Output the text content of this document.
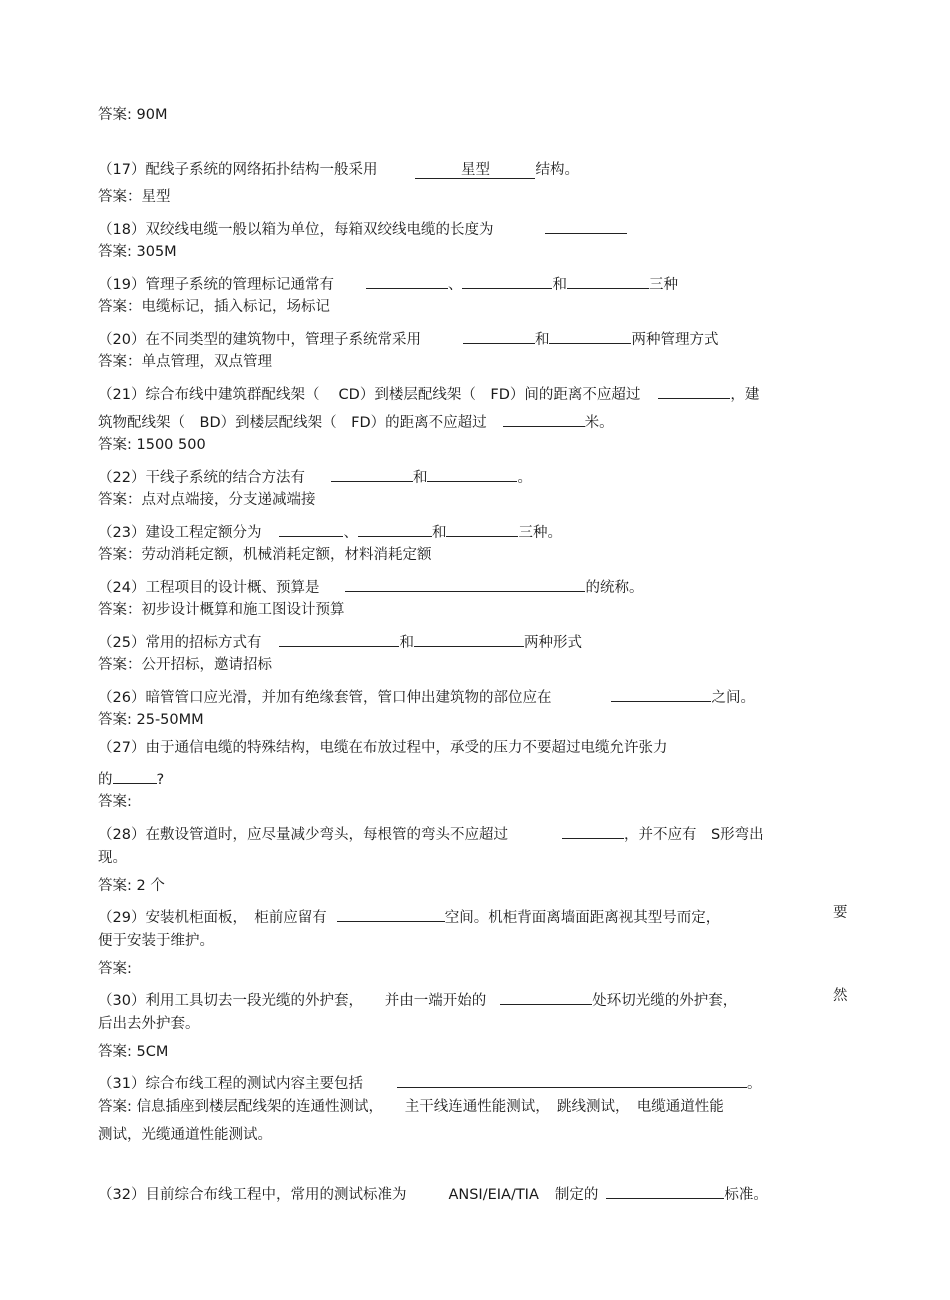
答案: 90M
（17）配线子系统的网络拓扑结构一般采用	星型	结构。
答案：星型
（18）双绞线电缆一般以箱为单位，每箱双绞线电缆的长度为
答案: 305M
（19）管理子系统的管理标记通常有	、	和	三种
答案：电缆标记，插入标记，场标记
（20）在不同类型的建筑物中，管理子系统常采用	和	两种管理方式
答案：单点管理，双点管理
（21）综合布线中建筑群配线架（　 CD）到楼层配线架（　FD）间的距离不应超过	，建
筑物配线架（　BD）到楼层配线架（　FD）的距离不应超过	米。
答案: 1500 500
（22）干线子系统的结合方法有	和	。
答案：点对点端接，分支递减端接
（23）建设工程定额分为	、	和	三种。
答案：劳动消耗定额，机械消耗定额，材料消耗定额
（24）工程项目的设计概、预算是	的统称。
答案：初步设计概算和施工图设计预算
（25）常用的招标方式有	和	两种形式
答案：公开招标，邀请招标
（26）暗管管口应光滑，并加有绝缘套管，管口伸出建筑物的部位应在	之间。
答案: 25-50MM
（27）由于通信电缆的特殊结构，电缆在布放过程中，承受的压力不要超过电缆允许张力
的	?
答案:
（28）在敷设管道时，应尽量减少弯头，每根管的弯头不应超过	，并不应有　S形弯出
现。
答案: 2 个
（29）安装机柜面板，　柜前应留有	空间。机柜背面离墙面距离视其型号而定，	要
便于安装于维护。
答案:
（30）利用工具切去一段光缆的外护套，　　并由一端开始的	处环切光缆的外护套，	然
后出去外护套。
答案: 5CM
（31）综合布线工程的测试内容主要包括	。
答案: 信息插座到楼层配线架的连通性测试，　　主干线连通性能测试，　跳线测试，　电缆通道性能
测试，光缆通道性能测试。
（32）目前综合布线工程中，常用的测试标准为	ANSI/EIA/TIA 制定的	标准。
